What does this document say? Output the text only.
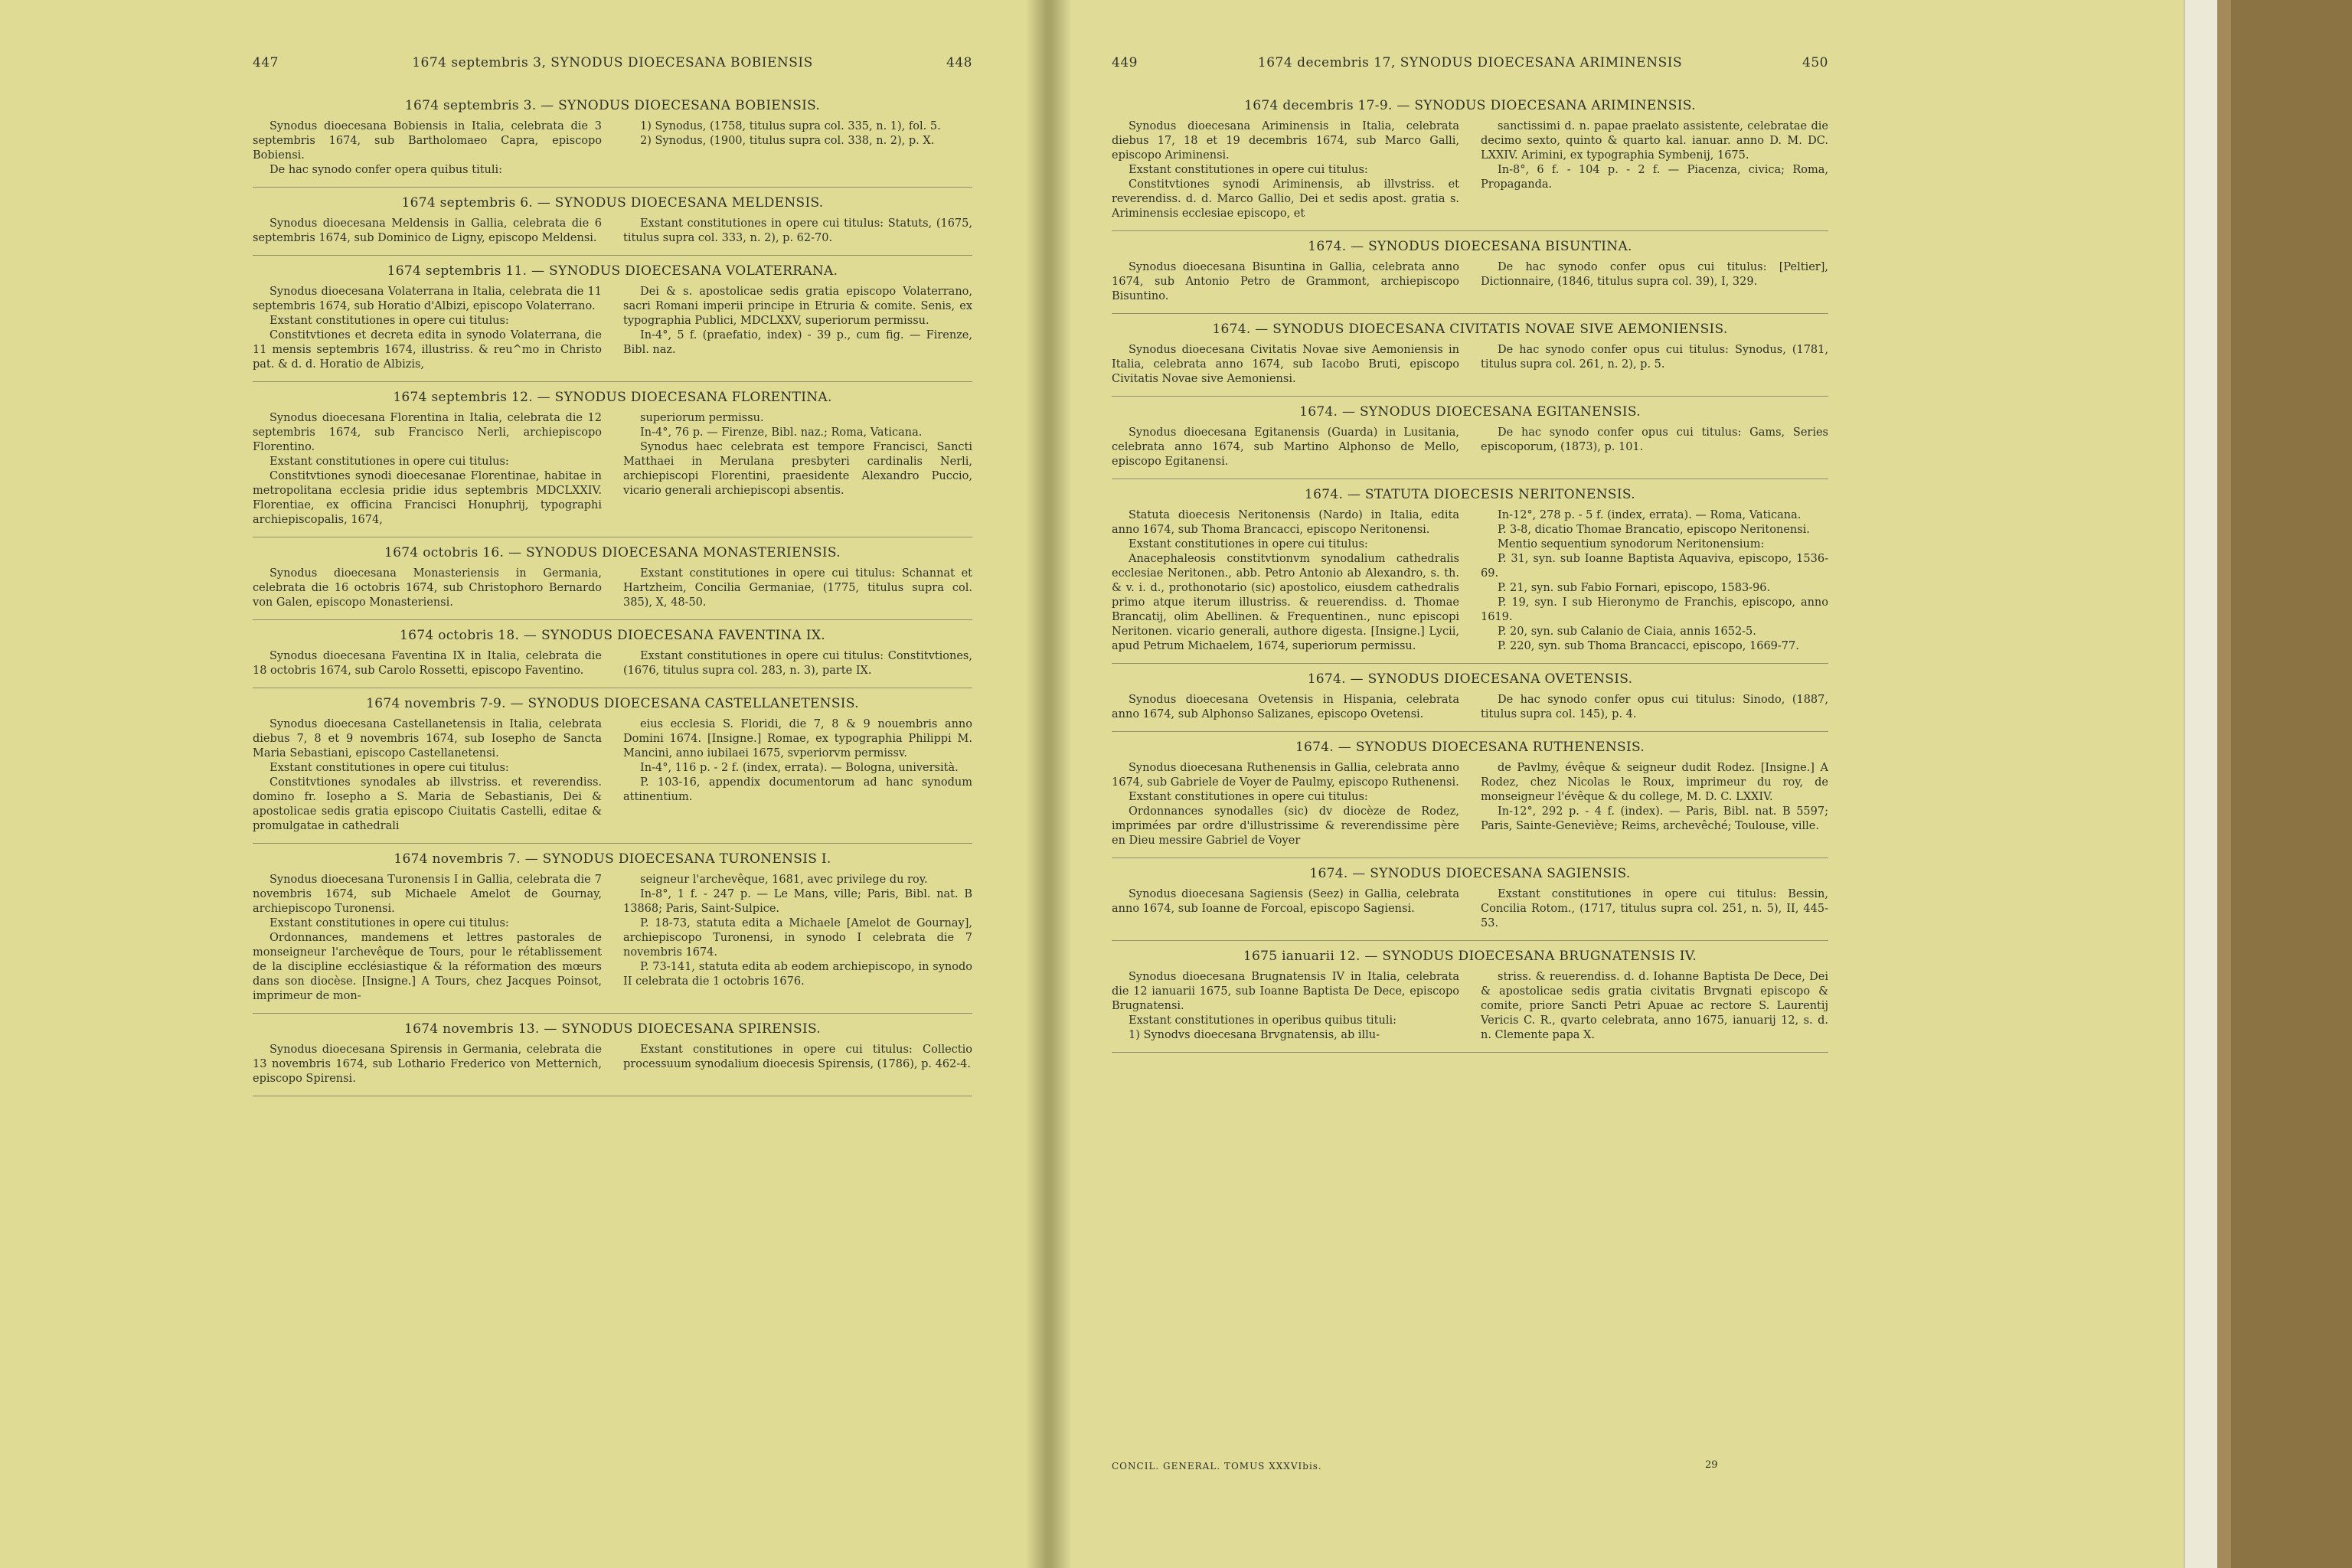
447	1674 septembris 3, SYNODUS DIOECESANA BOBIENSIS	448
1674 septembris 3. — SYNODUS DIOECESANA BOBIENSIS.

Synodus dioecesana Bobiensis in Italia, celebrata die 3 septembris 1674, sub Bartholomaeo Capra, episcopo Bobiensi.

De hac synodo confer opera quibus tituli:

1) Synodus, (1758, titulus supra col. 335, n. 1), fol. 5.

2) Synodus, (1900, titulus supra col. 338, n. 2), p. X.

1674 septembris 6. — SYNODUS DIOECESANA MELDENSIS.

Synodus dioecesana Meldensis in Gallia, celebrata die 6 septembris 1674, sub Dominico de Ligny, episcopo Meldensi.

Exstant constitutiones in opere cui titulus: Statuts, (1675, titulus supra col. 333, n. 2), p. 62-70.

1674 septembris 11. — SYNODUS DIOECESANA VOLATERRANA.

Synodus dioecesana Volaterrana in Italia, celebrata die 11 septembris 1674, sub Horatio d'Albizi, episcopo Volaterrano.

Exstant constitutiones in opere cui titulus:

Constitvtiones et decreta edita in synodo Volaterrana, die 11 mensis septembris 1674, illustriss. & reu^mo in Christo pat. & d. d. Horatio de Albizis,

Dei & s. apostolicae sedis gratia episcopo Volaterrano, sacri Romani imperii principe in Etruria & comite. Senis, ex typographia Publici, MDCLXXV, superiorum permissu.

In-4°, 5 f. (praefatio, index) - 39 p., cum fig. — Firenze, Bibl. naz.

1674 septembris 12. — SYNODUS DIOECESANA FLORENTINA.

Synodus dioecesana Florentina in Italia, celebrata die 12 septembris 1674, sub Francisco Nerli, archiepiscopo Florentino.

Exstant constitutiones in opere cui titulus:

Constitvtiones synodi dioecesanae Florentinae, habitae in metropolitana ecclesia pridie idus septembris MDCLXXIV. Florentiae, ex officina Francisci Honuphrij, typographi archiepiscopalis, 1674,

superiorum permissu.

In-4°, 76 p. — Firenze, Bibl. naz.; Roma, Vaticana.

Synodus haec celebrata est tempore Francisci, Sancti Matthaei in Merulana presbyteri cardinalis Nerli, archiepiscopi Florentini, praesidente Alexandro Puccio, vicario generali archiepiscopi absentis.

1674 octobris 16. — SYNODUS DIOECESANA MONASTERIENSIS.

Synodus dioecesana Monasteriensis in Germania, celebrata die 16 octobris 1674, sub Christophoro Bernardo von Galen, episcopo Monasteriensi.

Exstant constitutiones in opere cui titulus: Schannat et Hartzheim, Concilia Germaniae, (1775, titulus supra col. 385), X, 48-50.

1674 octobris 18. — SYNODUS DIOECESANA FAVENTINA IX.

Synodus dioecesana Faventina IX in Italia, celebrata die 18 octobris 1674, sub Carolo Rossetti, episcopo Faventino.

Exstant constitutiones in opere cui titulus: Constitvtiones, (1676, titulus supra col. 283, n. 3), parte IX.

1674 novembris 7-9. — SYNODUS DIOECESANA CASTELLANETENSIS.

Synodus dioecesana Castellanetensis in Italia, celebrata diebus 7, 8 et 9 novembris 1674, sub Iosepho de Sancta Maria Sebastiani, episcopo Castellanetensi.

Exstant constitutiones in opere cui titulus:

Constitvtiones synodales ab illvstriss. et reverendiss. domino fr. Iosepho a S. Maria de Sebastianis, Dei & apostolicae sedis gratia episcopo Ciuitatis Castelli, editae & promulgatae in cathedrali

eius ecclesia S. Floridi, die 7, 8 & 9 nouembris anno Domini 1674. [Insigne.] Romae, ex typographia Philippi M. Mancini, anno iubilaei 1675, svperiorvm permissv.

In-4°, 116 p. - 2 f. (index, errata). — Bologna, università.

P. 103-16, appendix documentorum ad hanc synodum attinentium.

1674 novembris 7. — SYNODUS DIOECESANA TURONENSIS I.

Synodus dioecesana Turonensis I in Gallia, celebrata die 7 novembris 1674, sub Michaele Amelot de Gournay, archiepiscopo Turonensi.

Exstant constitutiones in opere cui titulus:

Ordonnances, mandemens et lettres pastorales de monseigneur l'archevêque de Tours, pour le rétablissement de la discipline ecclésiastique & la réformation des mœurs dans son diocèse. [Insigne.] A Tours, chez Jacques Poinsot, imprimeur de mon-

seigneur l'archevêque, 1681, avec privilege du roy.

In-8°, 1 f. - 247 p. — Le Mans, ville; Paris, Bibl. nat. B 13868; Paris, Saint-Sulpice.

P. 18-73, statuta edita a Michaele [Amelot de Gournay], archiepiscopo Turonensi, in synodo I celebrata die 7 novembris 1674.

P. 73-141, statuta edita ab eodem archiepiscopo, in synodo II celebrata die 1 octobris 1676.

1674 novembris 13. — SYNODUS DIOECESANA SPIRENSIS.

Synodus dioecesana Spirensis in Germania, celebrata die 13 novembris 1674, sub Lothario Frederico von Metternich, episcopo Spirensi.

Exstant constitutiones in opere cui titulus: Collectio processuum synodalium dioecesis Spirensis, (1786), p. 462-4.

449	1674 decembris 17, SYNODUS DIOECESANA ARIMINENSIS	450
1674 decembris 17-9. — SYNODUS DIOECESANA ARIMINENSIS.

Synodus dioecesana Ariminensis in Italia, celebrata diebus 17, 18 et 19 decembris 1674, sub Marco Galli, episcopo Ariminensi.

Exstant constitutiones in opere cui titulus:

Constitvtiones synodi Ariminensis, ab illvstriss. et reverendiss. d. d. Marco Gallio, Dei et sedis apost. gratia s. Ariminensis ecclesiae episcopo, et

sanctissimi d. n. papae praelato assistente, celebratae die decimo sexto, quinto & quarto kal. ianuar. anno D. M. DC. LXXIV. Arimini, ex typographia Symbenij, 1675.

In-8°, 6 f. - 104 p. - 2 f. — Piacenza, civica; Roma, Propaganda.

1674. — SYNODUS DIOECESANA BISUNTINA.

Synodus dioecesana Bisuntina in Gallia, celebrata anno 1674, sub Antonio Petro de Grammont, archiepiscopo Bisuntino.

De hac synodo confer opus cui titulus: [Peltier], Dictionnaire, (1846, titulus supra col. 39), I, 329.

1674. — SYNODUS DIOECESANA CIVITATIS NOVAE SIVE AEMONIENSIS.

Synodus dioecesana Civitatis Novae sive Aemoniensis in Italia, celebrata anno 1674, sub Iacobo Bruti, episcopo Civitatis Novae sive Aemoniensi.

De hac synodo confer opus cui titulus: Synodus, (1781, titulus supra col. 261, n. 2), p. 5.

1674. — SYNODUS DIOECESANA EGITANENSIS.

Synodus dioecesana Egitanensis (Guarda) in Lusitania, celebrata anno 1674, sub Martino Alphonso de Mello, episcopo Egitanensi.

De hac synodo confer opus cui titulus: Gams, Series episcoporum, (1873), p. 101.

1674. — STATUTA DIOECESIS NERITONENSIS.

Statuta dioecesis Neritonensis (Nardo) in Italia, edita anno 1674, sub Thoma Brancacci, episcopo Neritonensi.

Exstant constitutiones in opere cui titulus:

Anacephaleosis constitvtionvm synodalium cathedralis ecclesiae Neritonen., abb. Petro Antonio ab Alexandro, s. th. & v. i. d., prothonotario (sic) apostolico, eiusdem cathedralis primo atque iterum illustriss. & reuerendiss. d. Thomae Brancatij, olim Abellinen. & Frequentinen., nunc episcopi Neritonen. vicario generali, authore digesta. [Insigne.] Lycii, apud Petrum Michaelem, 1674, superiorum permissu.

In-12°, 278 p. - 5 f. (index, errata). — Roma, Vaticana.

P. 3-8, dicatio Thomae Brancatio, episcopo Neritonensi.

Mentio sequentium synodorum Neritonensium:

P. 31, syn. sub Ioanne Baptista Aquaviva, episcopo, 1536-69.

P. 21, syn. sub Fabio Fornari, episcopo, 1583-96.

P. 19, syn. I sub Hieronymo de Franchis, episcopo, anno 1619.

P. 20, syn. sub Calanio de Ciaia, annis 1652-5.

P. 220, syn. sub Thoma Brancacci, episcopo, 1669-77.

1674. — SYNODUS DIOECESANA OVETENSIS.

Synodus dioecesana Ovetensis in Hispania, celebrata anno 1674, sub Alphonso Salizanes, episcopo Ovetensi.

De hac synodo confer opus cui titulus: Sinodo, (1887, titulus supra col. 145), p. 4.

1674. — SYNODUS DIOECESANA RUTHENENSIS.

Synodus dioecesana Ruthenensis in Gallia, celebrata anno 1674, sub Gabriele de Voyer de Paulmy, episcopo Ruthenensi.

Exstant constitutiones in opere cui titulus:

Ordonnances synodalles (sic) dv diocèze de Rodez, imprimées par ordre d'illustrissime & reverendissime père en Dieu messire Gabriel de Voyer

de Pavlmy, évêque & seigneur dudit Rodez. [Insigne.] A Rodez, chez Nicolas le Roux, imprimeur du roy, de monseigneur l'évêque & du college, M. D. C. LXXIV.

In-12°, 292 p. - 4 f. (index). — Paris, Bibl. nat. B 5597; Paris, Sainte-Geneviève; Reims, archevêché; Toulouse, ville.

1674. — SYNODUS DIOECESANA SAGIENSIS.

Synodus dioecesana Sagiensis (Seez) in Gallia, celebrata anno 1674, sub Ioanne de Forcoal, episcopo Sagiensi.

Exstant constitutiones in opere cui titulus: Bessin, Concilia Rotom., (1717, titulus supra col. 251, n. 5), II, 445-53.

1675 ianuarii 12. — SYNODUS DIOECESANA BRUGNATENSIS IV.

Synodus dioecesana Brugnatensis IV in Italia, celebrata die 12 ianuarii 1675, sub Ioanne Baptista De Dece, episcopo Brugnatensi.

Exstant constitutiones in operibus quibus tituli:

1) Synodvs dioecesana Brvgnatensis, ab illu-

striss. & reuerendiss. d. d. Iohanne Baptista De Dece, Dei & apostolicae sedis gratia civitatis Brvgnati episcopo & comite, priore Sancti Petri Apuae ac rectore S. Laurentij Vericis C. R., qvarto celebrata, anno 1675, ianuarij 12, s. d. n. Clemente papa X.

CONCIL. GENERAL. TOMUS XXXVIbis.	29
